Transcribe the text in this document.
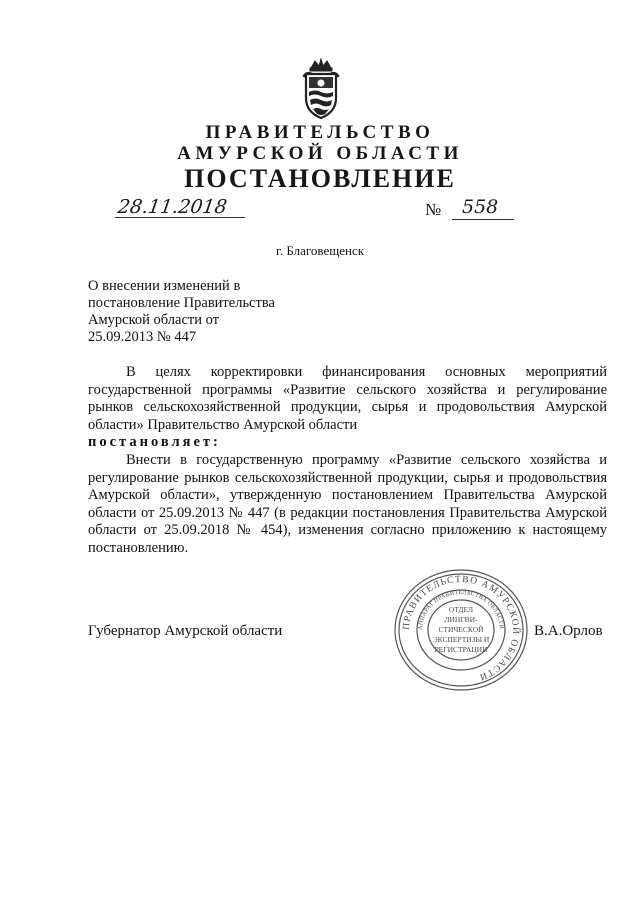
ПРАВИТЕЛЬСТВО
АМУРСКОЙ ОБЛАСТИ
ПОСТАНОВЛЕНИЕ
28.11.2018	№ 558
г. Благовещенск
О внесении изменений в
постановление Правительства
Амурской области от
25.09.2013 № 447
В целях корректировки финансирования основных мероприятий государственной программы «Развитие сельского хозяйства и регулирование рынков сельскохозяйственной продукции, сырья и продовольствия Амурской области» Правительство Амурской области
постановляет:
Внести в государственную программу «Развитие сельского хозяйства и регулирование рынков сельскохозяйственной продукции, сырья и продовольствия Амурской области», утвержденную постановлением Правительства Амурской области от 25.09.2013 № 447 (в редакции постановления Правительства Амурской области от 25.09.2018 № 454), изменения согласно приложению к настоящему постановлению.
Губернатор Амурской области	В.А.Орлов
ПРАВИТЕЛЬСТВО АМУРСКОЙ ОБЛАСТИ
АППАРАТ ПРАВИТЕЛЬСТВА ОБЛАСТИ
ОТДЕЛ
ЛИНГВИ-
СТИЧЕСКОЙ
ЭКСПЕРТИЗЫ И
РЕГИСТРАЦИИ
